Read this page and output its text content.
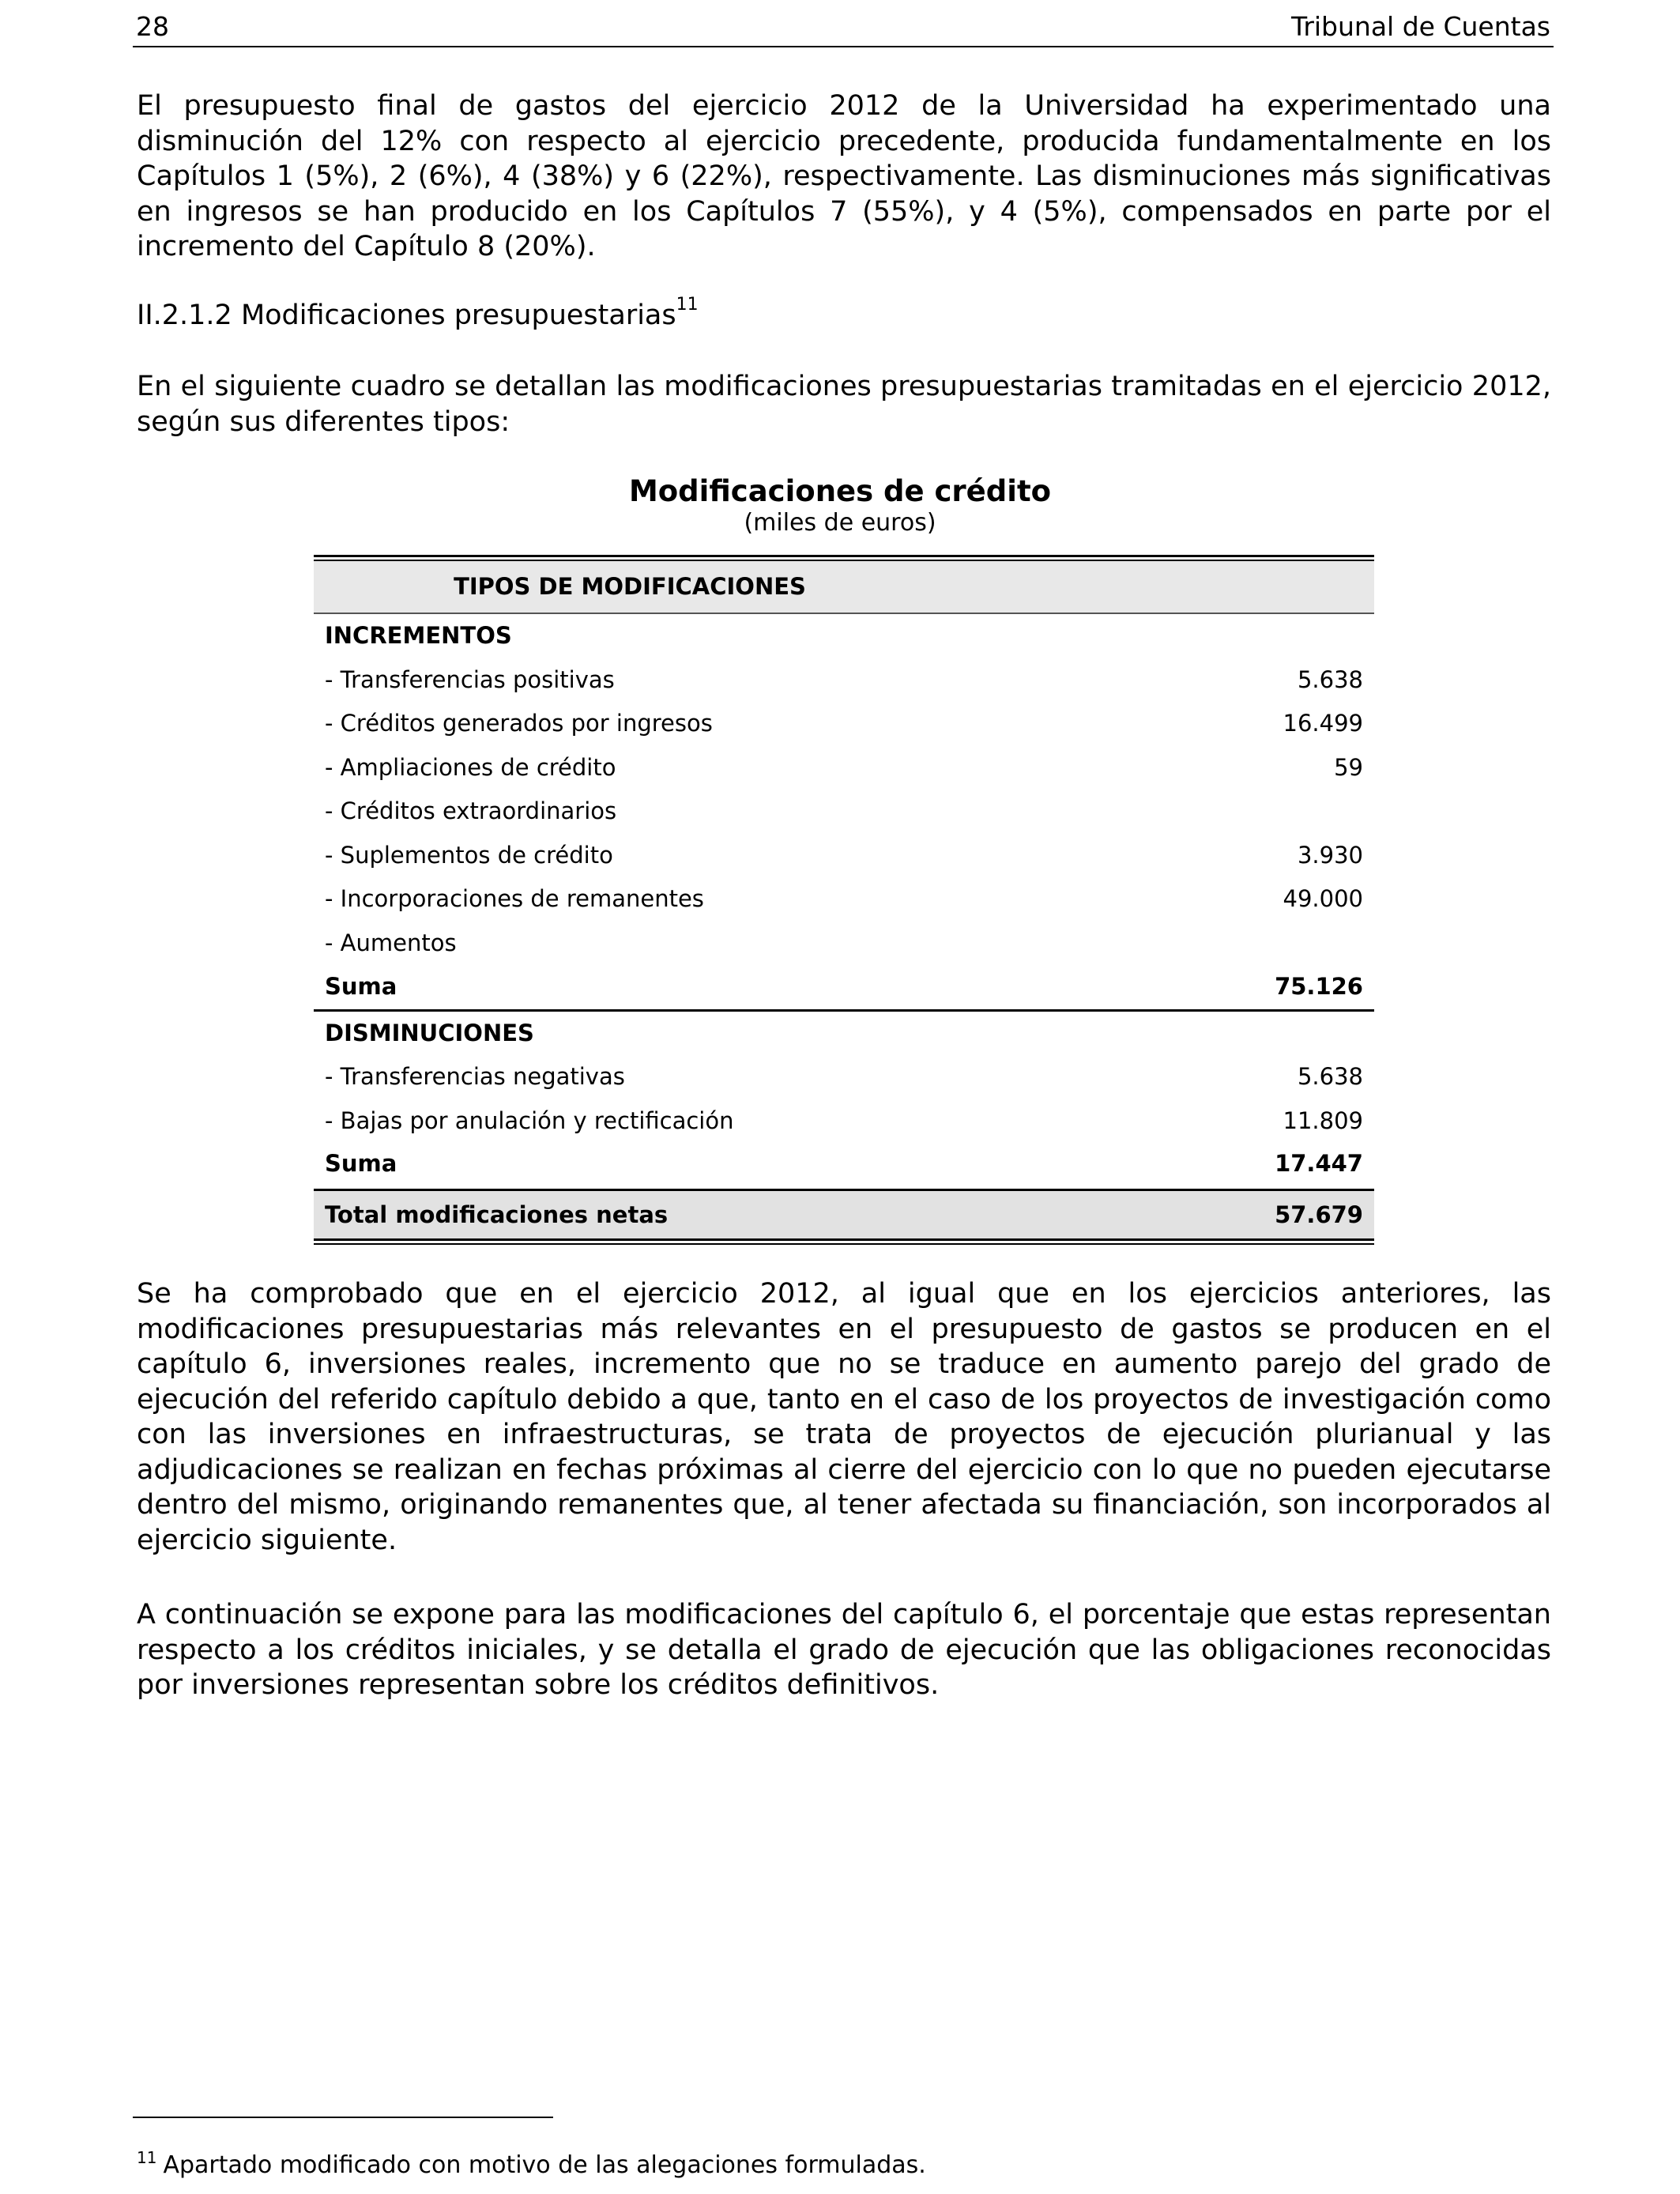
28	Tribunal de Cuentas

El presupuesto final de gastos del ejercicio 2012 de la Universidad ha experimentado una disminución del 12% con respecto al ejercicio precedente, producida fundamentalmente en los Capítulos 1 (5%), 2 (6%), 4 (38%) y 6 (22%), respectivamente. Las disminuciones más significativas en ingresos se han producido en los Capítulos 7 (55%), y 4 (5%), compensados en parte por el incremento del Capítulo 8 (20%).

II.2.1.2 Modificaciones presupuestarias$^{11}$

En el siguiente cuadro se detallan las modificaciones presupuestarias tramitadas en el ejercicio 2012, según sus diferentes tipos:

Modificaciones de crédito
(miles de euros)
TIPOS DE MODIFICACIONES
INCREMENTOS
- Transferencias positivas	5.638
- Créditos generados por ingresos	16.499
- Ampliaciones de crédito	59
- Créditos extraordinarios
- Suplementos de crédito	3.930
- Incorporaciones de remanentes	49.000
- Aumentos
Suma	75.126
DISMINUCIONES
- Transferencias negativas	5.638
- Bajas por anulación y rectificación	11.809
Suma	17.447
Total modificaciones netas	57.679

Se ha comprobado que en el ejercicio 2012, al igual que en los ejercicios anteriores, las modificaciones presupuestarias más relevantes en el presupuesto de gastos se producen en el capítulo 6, inversiones reales, incremento que no se traduce en aumento parejo del grado de ejecución del referido capítulo debido a que, tanto en el caso de los proyectos de investigación como con las inversiones en infraestructuras, se trata de proyectos de ejecución plurianual y las adjudicaciones se realizan en fechas próximas al cierre del ejercicio con lo que no pueden ejecutarse dentro del mismo, originando remanentes que, al tener afectada su financiación, son incorporados al ejercicio siguiente.

A continuación se expone para las modificaciones del capítulo 6, el porcentaje que estas representan respecto a los créditos iniciales, y se detalla el grado de ejecución que las obligaciones reconocidas por inversiones representan sobre los créditos definitivos.

$^{11}$ Apartado modificado con motivo de las alegaciones formuladas.
